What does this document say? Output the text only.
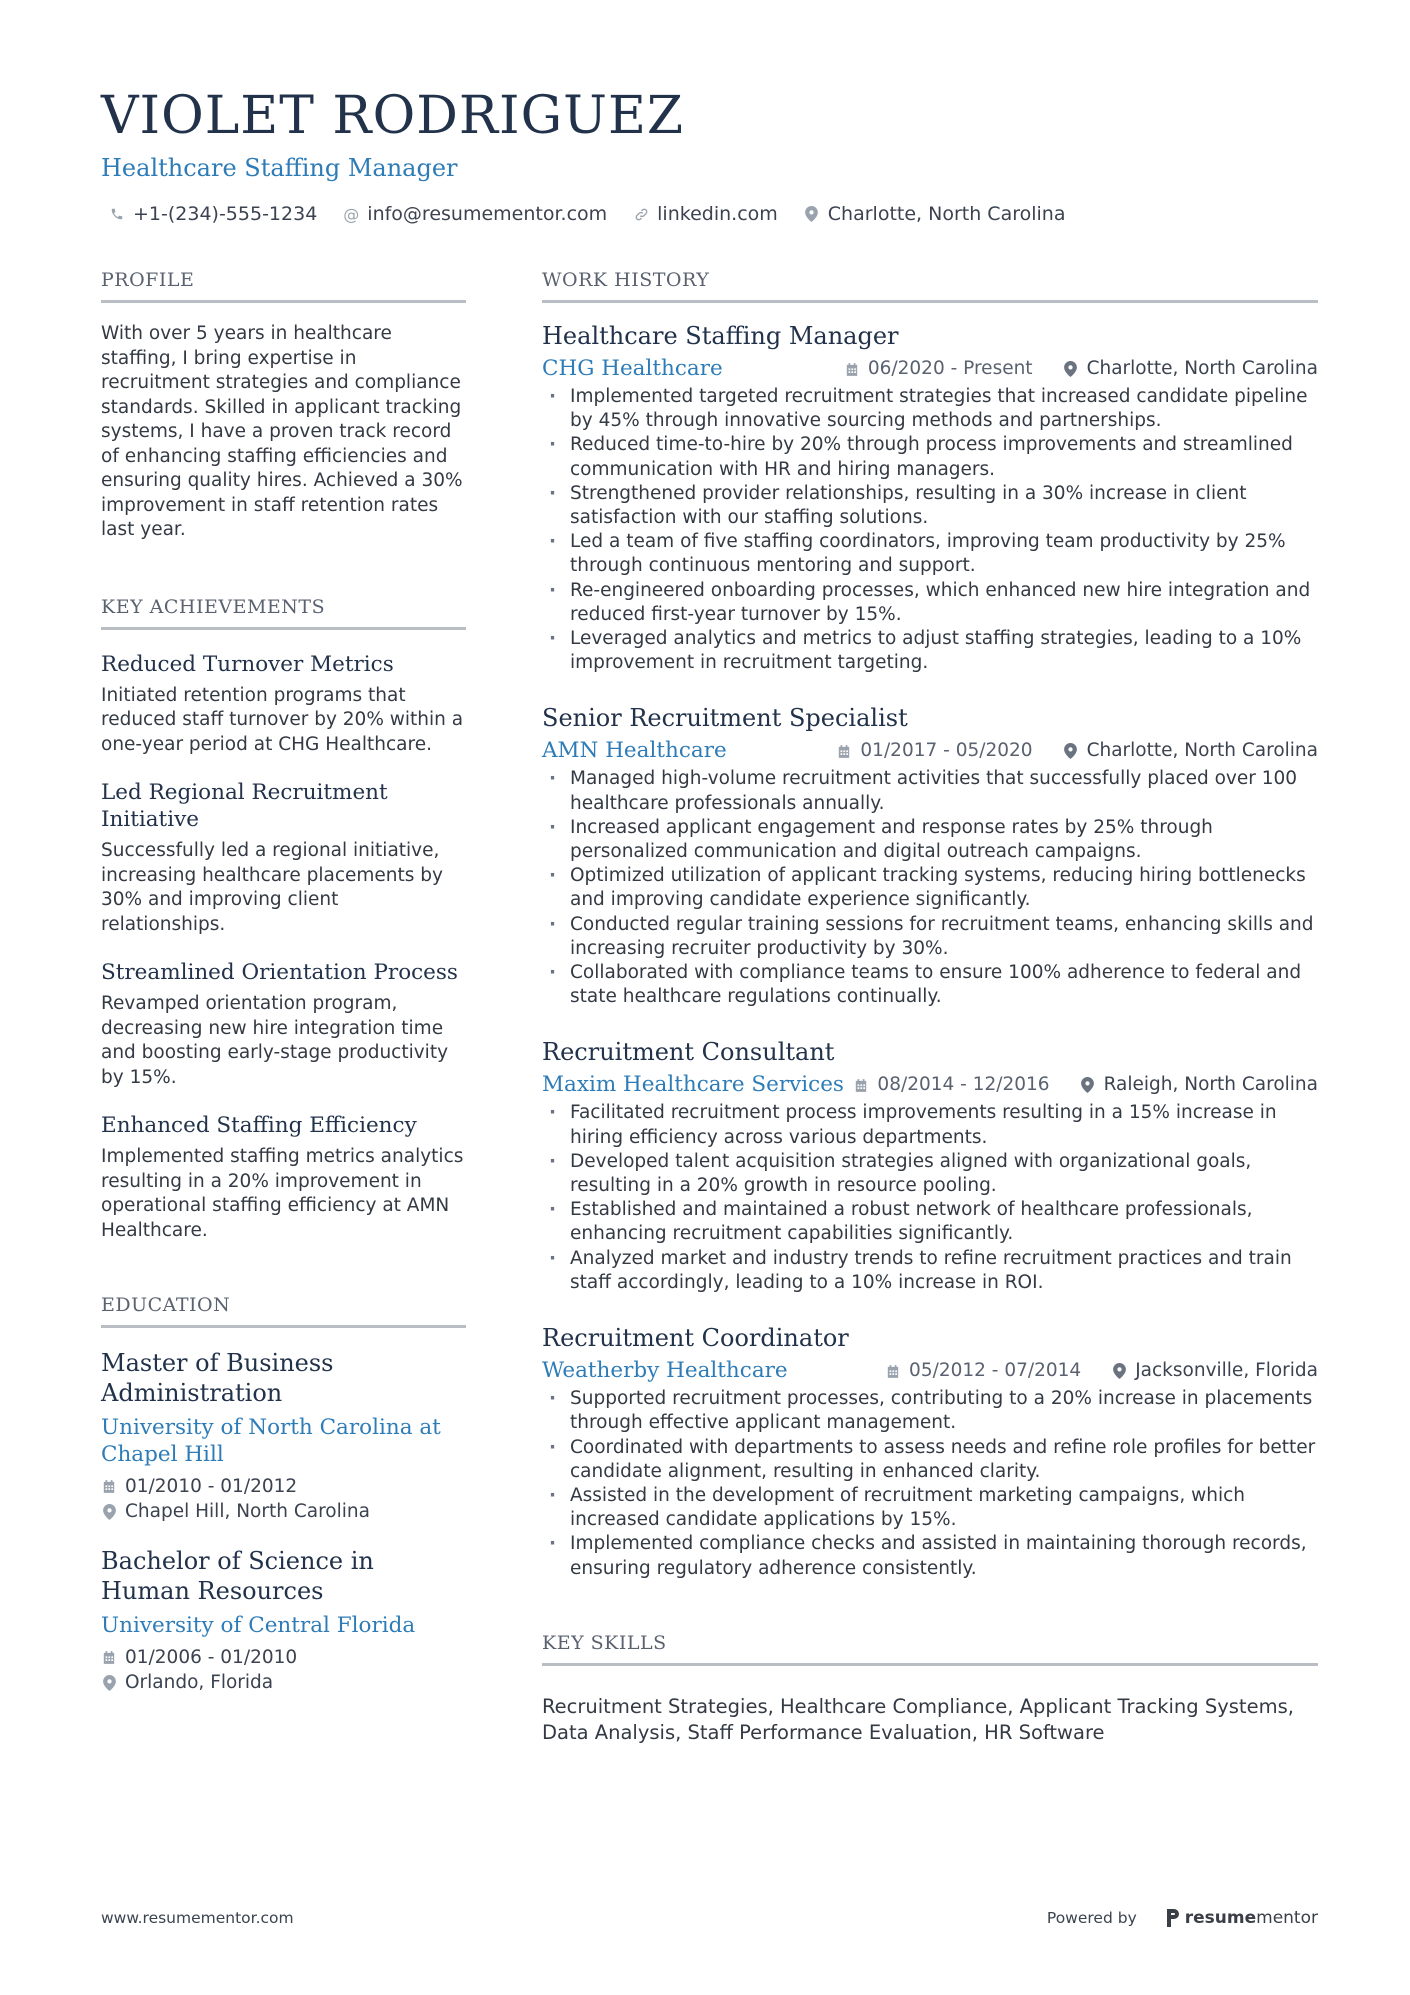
VIOLET RODRIGUEZ
Healthcare Staffing Manager
+1-(234)-555-1234 @ info@resumementor.com	linkedin.com	Charlotte, North Carolina
PROFILE
With over 5 years in healthcare staffing, I bring expertise in recruitment strategies and compliance standards. Skilled in applicant tracking systems, I have a proven track record of enhancing staffing efficiencies and ensuring quality hires. Achieved a 30% improvement in staff retention rates last year.
KEY ACHIEVEMENTS
Reduced Turnover Metrics
Initiated retention programs that reduced staff turnover by 20% within a one-year period at CHG Healthcare.
Led Regional Recruitment Initiative
Successfully led a regional initiative, increasing healthcare placements by 30% and improving client relationships.
Streamlined Orientation Process
Revamped orientation program, decreasing new hire integration time and boosting early-stage productivity by 15%.
Enhanced Staffing Efficiency
Implemented staffing metrics analytics resulting in a 20% improvement in operational staffing efficiency at AMN Healthcare.
EDUCATION
Master of Business Administration
University of North Carolina at Chapel Hill
01/2010 - 01/2012
Chapel Hill, North Carolina
Bachelor of Science in Human Resources
University of Central Florida
01/2006 - 01/2010
Orlando, Florida
WORK HISTORY
Healthcare Staffing Manager
CHG Healthcare	06/2020 - Present	Charlotte, North Carolina
· Implemented targeted recruitment strategies that increased candidate pipeline by 45% through innovative sourcing methods and partnerships.
· Reduced time-to-hire by 20% through process improvements and streamlined communication with HR and hiring managers.
· Strengthened provider relationships, resulting in a 30% increase in client satisfaction with our staffing solutions.
· Led a team of five staffing coordinators, improving team productivity by 25% through continuous mentoring and support.
· Re-engineered onboarding processes, which enhanced new hire integration and reduced first-year turnover by 15%.
· Leveraged analytics and metrics to adjust staffing strategies, leading to a 10% improvement in recruitment targeting.
Senior Recruitment Specialist
AMN Healthcare	01/2017 - 05/2020	Charlotte, North Carolina
· Managed high-volume recruitment activities that successfully placed over 100 healthcare professionals annually.
· Increased applicant engagement and response rates by 25% through personalized communication and digital outreach campaigns.
· Optimized utilization of applicant tracking systems, reducing hiring bottlenecks and improving candidate experience significantly.
· Conducted regular training sessions for recruitment teams, enhancing skills and increasing recruiter productivity by 30%.
· Collaborated with compliance teams to ensure 100% adherence to federal and state healthcare regulations continually.
Recruitment Consultant
Maxim Healthcare Services	08/2014 - 12/2016	Raleigh, North Carolina
· Facilitated recruitment process improvements resulting in a 15% increase in hiring efficiency across various departments.
· Developed talent acquisition strategies aligned with organizational goals, resulting in a 20% growth in resource pooling.
· Established and maintained a robust network of healthcare professionals, enhancing recruitment capabilities significantly.
· Analyzed market and industry trends to refine recruitment practices and train staff accordingly, leading to a 10% increase in ROI.
Recruitment Coordinator
Weatherby Healthcare	05/2012 - 07/2014	Jacksonville, Florida
· Supported recruitment processes, contributing to a 20% increase in placements through effective applicant management.
· Coordinated with departments to assess needs and refine role profiles for better candidate alignment, resulting in enhanced clarity.
· Assisted in the development of recruitment marketing campaigns, which increased candidate applications by 15%.
· Implemented compliance checks and assisted in maintaining thorough records, ensuring regulatory adherence consistently.
KEY SKILLS
Recruitment Strategies, Healthcare Compliance, Applicant Tracking Systems, Data Analysis, Staff Performance Evaluation, HR Software
www.resumementor.com	Powered by	resumementor
